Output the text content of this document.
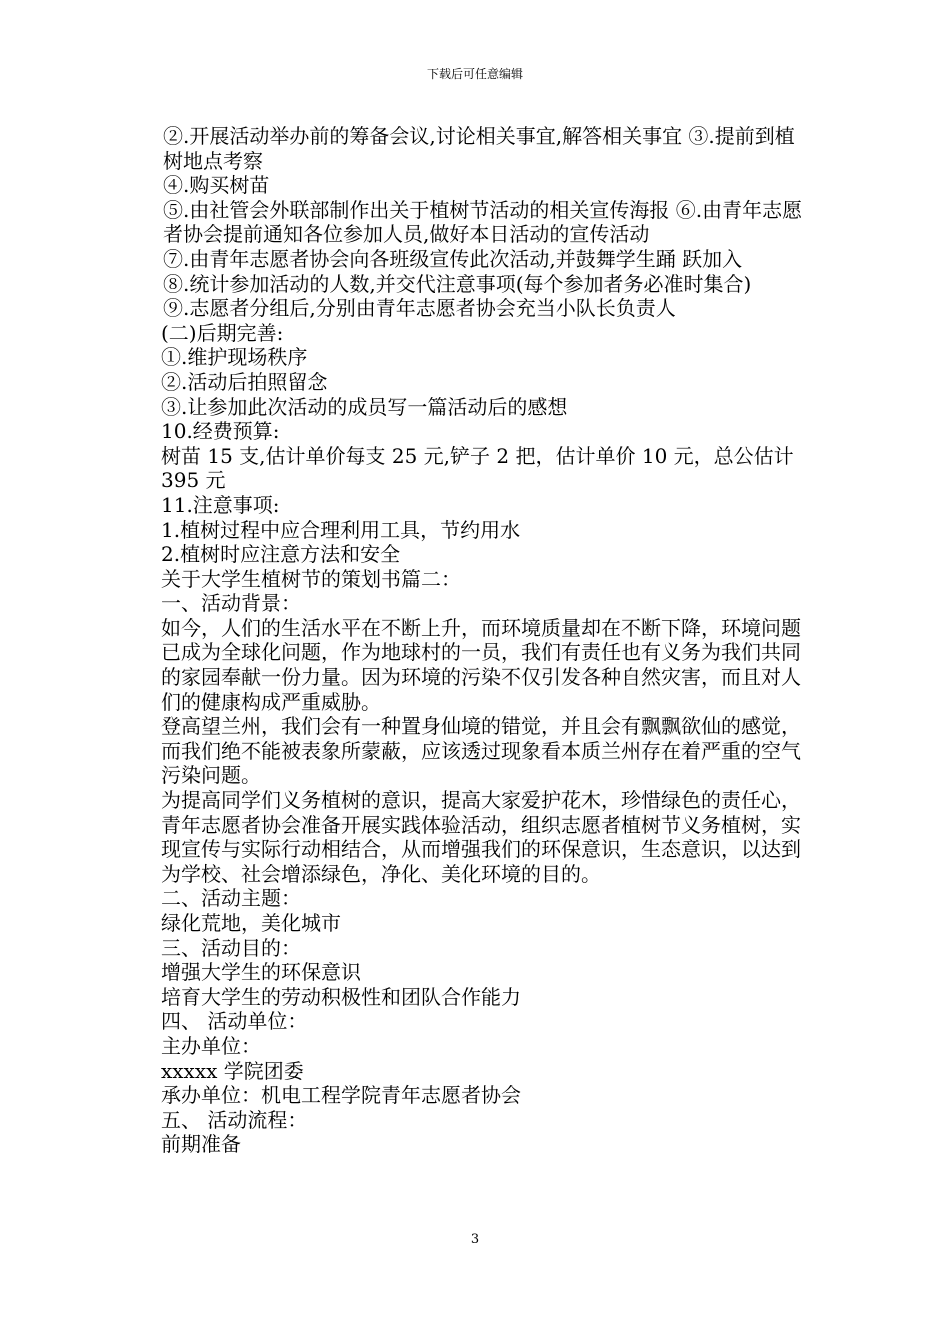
下载后可任意编辑

②.开展活动举办前的筹备会议,讨论相关事宜,解答相关事宜 ③.提前到植树地点考察

④.购买树苗

⑤.由社管会外联部制作出关于植树节活动的相关宣传海报 ⑥.由青年志愿者协会提前通知各位参加人员,做好本日活动的宣传活动

⑦.由青年志愿者协会向各班级宣传此次活动,并鼓舞学生踊 跃加入

⑧.统计参加活动的人数,并交代注意事项(每个参加者务必准时集合)

⑨.志愿者分组后,分别由青年志愿者协会充当小队长负责人

(二)后期完善:

①.维护现场秩序

②.活动后拍照留念

③.让参加此次活动的成员写一篇活动后的感想

10.经费预算:

树苗 15 支,估计单价每支 25 元,铲子 2 把，估计单价 10 元，总公估计 395 元

11.注意事项:

1.植树过程中应合理利用工具，节约用水

2.植树时应注意方法和安全

关于大学生植树节的策划书篇二：

一、活动背景：

如今，人们的生活水平在不断上升，而环境质量却在不断下降，环境问题已成为全球化问题，作为地球村的一员，我们有责任也有义务为我们共同的家园奉献一份力量。因为环境的污染不仅引发各种自然灾害，而且对人们的健康构成严重威胁。

登高望兰州，我们会有一种置身仙境的错觉，并且会有飘飘欲仙的感觉，而我们绝不能被表象所蒙蔽，应该透过现象看本质兰州存在着严重的空气污染问题。

为提高同学们义务植树的意识，提高大家爱护花木，珍惜绿色的责任心，青年志愿者协会准备开展实践体验活动，组织志愿者植树节义务植树，实现宣传与实际行动相结合，从而增强我们的环保意识，生态意识，以达到为学校、社会增添绿色，净化、美化环境的目的。

二、活动主题：

绿化荒地，美化城市

三、活动目的：

增强大学生的环保意识

培育大学生的劳动积极性和团队合作能力

四、 活动单位：

主办单位：

xxxxx 学院团委

承办单位：机电工程学院青年志愿者协会

五、 活动流程：

前期准备

3
